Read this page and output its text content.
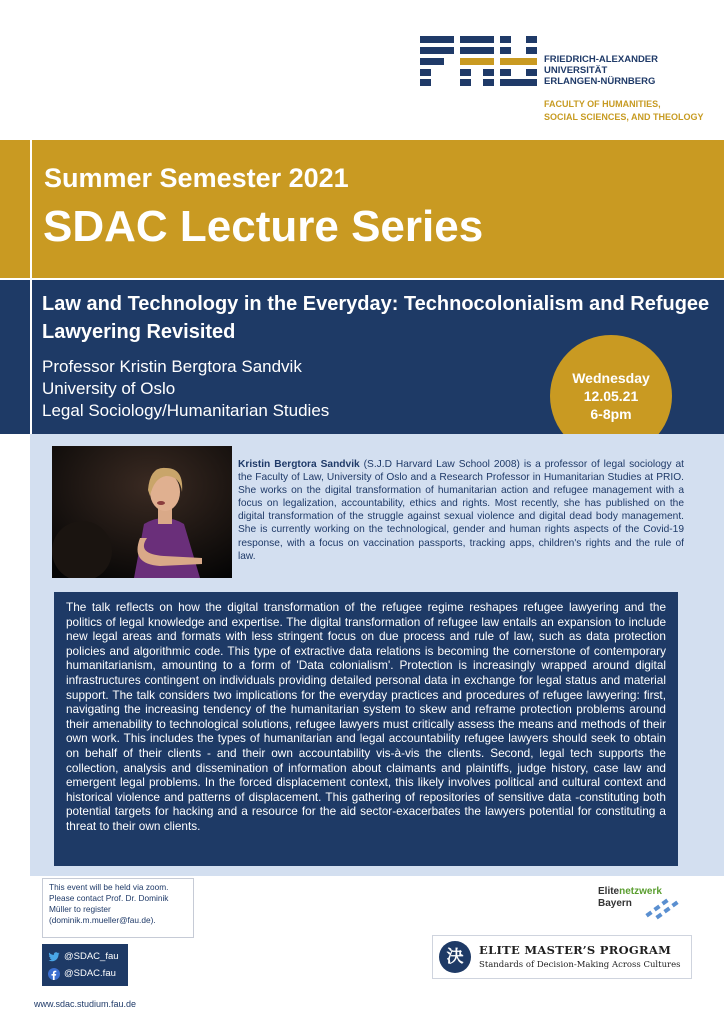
FRIEDRICH-ALEXANDER
UNIVERSITÄT
ERLANGEN-NÜRNBERG
FACULTY OF HUMANITIES,
SOCIAL SCIENCES, AND THEOLOGY
Summer Semester 2021
SDAC Lecture Series
Law and Technology in the Everyday: Technocolonialism and Refugee Lawyering Revisited
Professor Kristin Bergtora Sandvik
University of Oslo
Legal Sociology/Humanitarian Studies
Wednesday
12.05.21
6-8pm
Kristin Bergtora Sandvik (S.J.D Harvard Law School 2008) is a professor of legal sociology at the Faculty of Law, University of Oslo and a Research Professor in Humanitarian Studies at PRIO. She works on the digital transformation of humanitarian action and refugee management with a focus on legalization, accountability, ethics and rights. Most recently, she has published on the digital transformation of the struggle against sexual violence and digital dead body management. She is currently working on the technological, gender and human rights aspects of the Covid-19 response, with a focus on vaccination passports, tracking apps, children's rights and the rule of law.
The talk reflects on how the digital transformation of the refugee regime reshapes refugee lawyering and the politics of legal knowledge and expertise. The digital transformation of refugee law entails an expansion to include new legal areas and formats with less stringent focus on due process and rule of law, such as data protection policies and algorithmic code. This type of extractive data relations is becoming the cornerstone of contemporary humanitarianism, amounting to a form of 'Data colonialism'. Protection is increasingly wrapped around digital infrastructures contingent on individuals providing detailed personal data in exchange for legal status and material support. The talk considers two implications for the everyday practices and procedures of refugee lawyering: first, navigating the increasing tendency of the humanitarian system to skew and reframe protection problems around their amenability to technological solutions, refugee lawyers must critically assess the means and methods of their own work. This includes the types of humanitarian and legal accountability refugee lawyers should seek to obtain on behalf of their clients - and their own accountability vis-à-vis the clients. Second, legal tech supports the collection, analysis and dissemination of information about claimants and plaintiffs, judge history, case law and emergent legal problems. In the forced displacement context, this likely involves political and cultural context and historical violence and patterns of displacement. This gathering of repositories of sensitive data -constituting both potential targets for hacking and a resource for the aid sector-exacerbates the lawyers potential for constituting a threat to their own clients.
This event will be held via zoom. Please contact Prof. Dr. Dominik Müller to register (dominik.m.mueller@fau.de).
@SDAC_fau
@SDAC.fau
Elitenetzwerk
Bayern
決	ELITE MASTER’S PROGRAM
Standards of Decision-Making Across Cultures
www.sdac.studium.fau.de
